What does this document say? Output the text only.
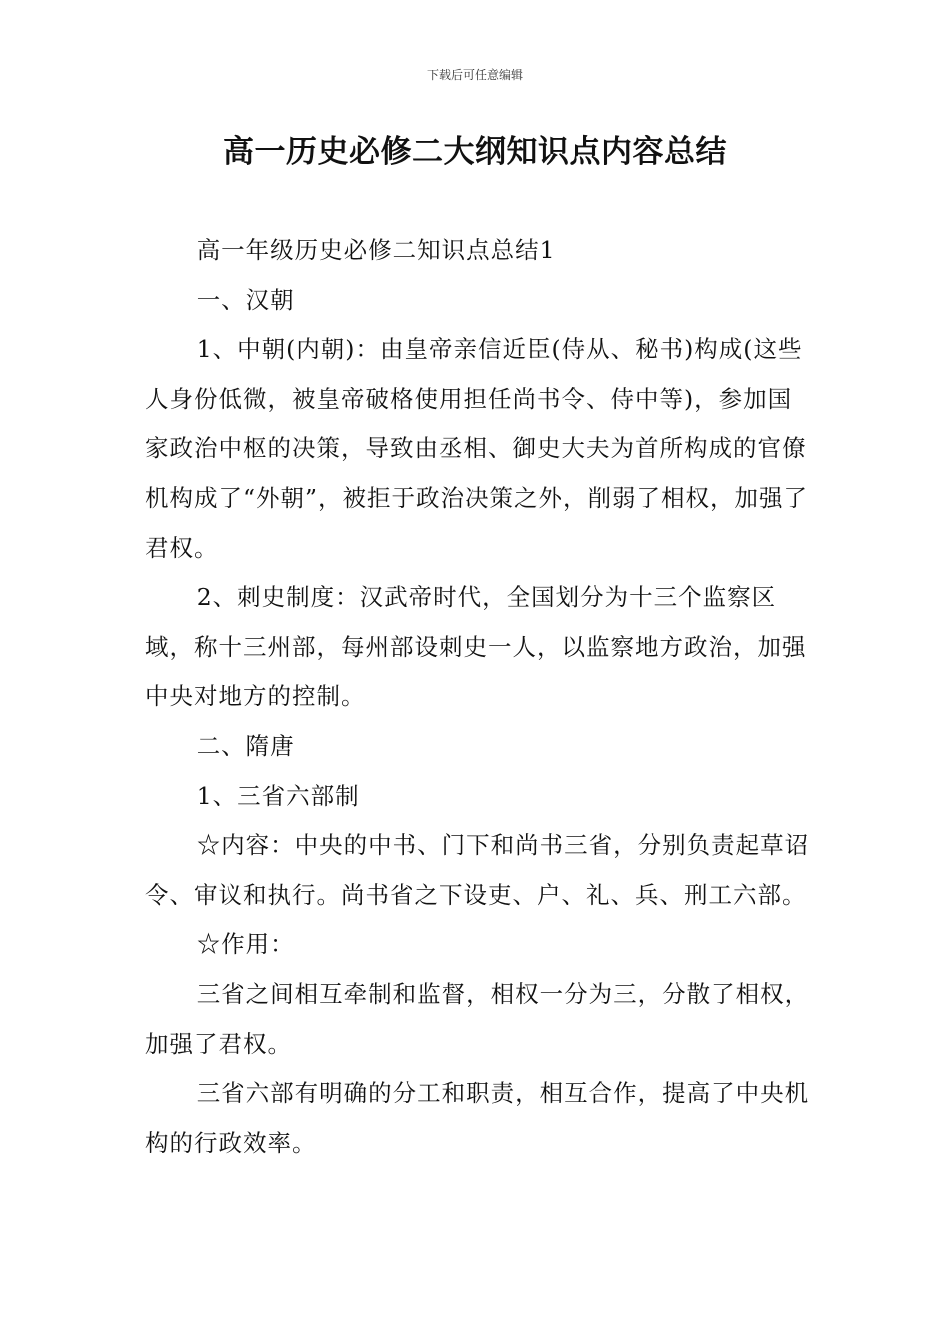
下载后可任意编辑
高一历史必修二大纲知识点内容总结

高一年级历史必修二知识点总结1

一、汉朝

1、中朝(内朝)：由皇帝亲信近臣(侍从、秘书)构成(这些人身份低微，被皇帝破格使用担任尚书令、侍中等)，参加国家政治中枢的决策，导致由丞相、御史大夫为首所构成的官僚机构成了“外朝”，被拒于政治决策之外，削弱了相权，加强了君权。

2、刺史制度：汉武帝时代，全国划分为十三个监察区域，称十三州部，每州部设刺史一人，以监察地方政治，加强中央对地方的控制。

二、隋唐

1、三省六部制

☆内容：中央的中书、门下和尚书三省，分别负责起草诏令、审议和执行。尚书省之下设吏、户、礼、兵、刑工六部。

☆作用：

三省之间相互牵制和监督，相权一分为三，分散了相权，加强了君权。

三省六部有明确的分工和职责，相互合作，提高了中央机构的行政效率。
